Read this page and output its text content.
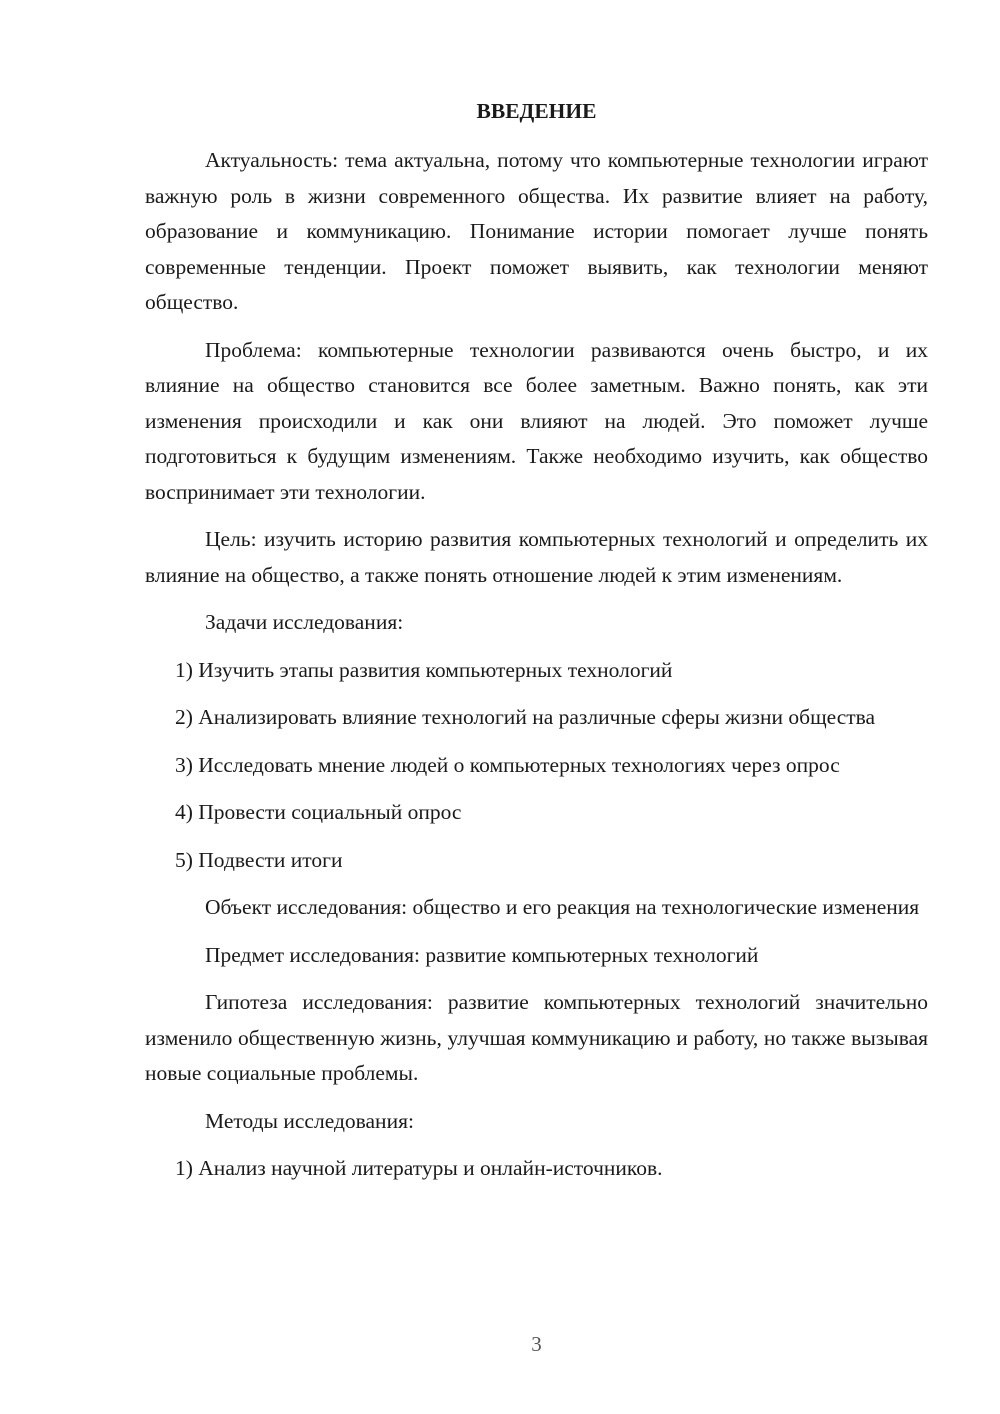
ВВЕДЕНИЕ

Актуальность: тема актуальна, потому что компьютерные технологии играют важную роль в жизни современного общества. Их развитие влияет на работу, образование и коммуникацию. Понимание истории помогает лучше понять современные тенденции. Проект поможет выявить, как технологии меняют общество.

Проблема: компьютерные технологии развиваются очень быстро, и их влияние на общество становится все более заметным. Важно понять, как эти изменения происходили и как они влияют на людей. Это поможет лучше подготовиться к будущим изменениям. Также необходимо изучить, как общество воспринимает эти технологии.

Цель: изучить историю развития компьютерных технологий и определить их влияние на общество, а также понять отношение людей к этим изменениям.

Задачи исследования:

1) Изучить этапы развития компьютерных технологий

2) Анализировать влияние технологий на различные сферы жизни общества

3) Исследовать мнение людей о компьютерных технологиях через опрос

4) Провести социальный опрос

5) Подвести итоги

Объект исследования: общество и его реакция на технологические изменения

Предмет исследования: развитие компьютерных технологий

Гипотеза исследования: развитие компьютерных технологий значительно изменило общественную жизнь, улучшая коммуникацию и работу, но также вызывая новые социальные проблемы.

Методы исследования:

1) Анализ научной литературы и онлайн-источников.

3
